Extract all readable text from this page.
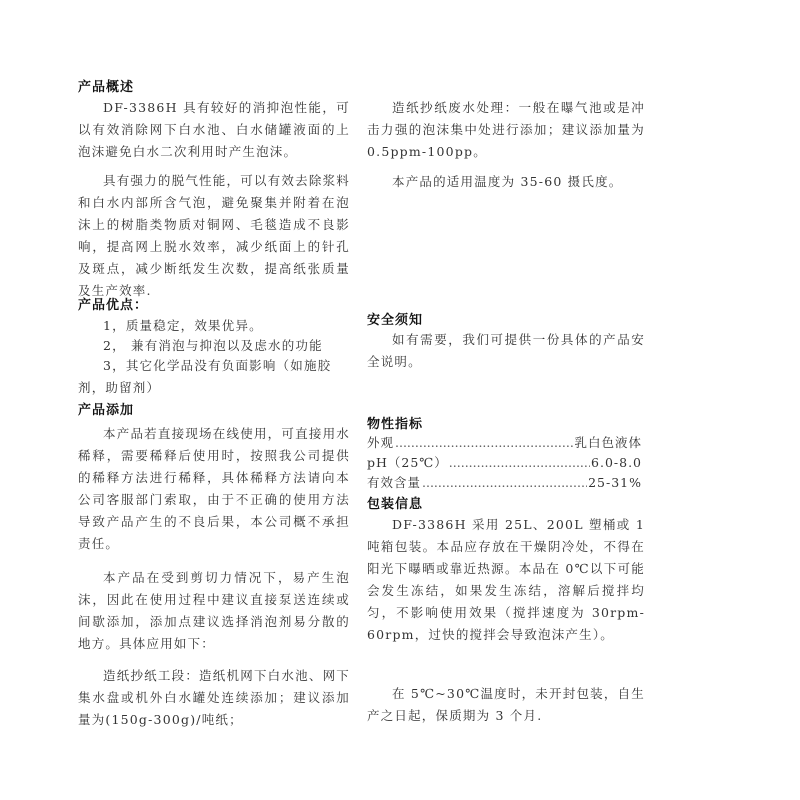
产品概述
DF-3386H 具有较好的消抑泡性能，可以有效消除网下白水池、白水储罐液面的上泡沫避免白水二次利用时产生泡沫。
具有强力的脱气性能，可以有效去除浆料和白水内部所含气泡，避免聚集并附着在泡沫上的树脂类物质对铜网、毛毯造成不良影响，提高网上脱水效率，减少纸面上的针孔及斑点，减少断纸发生次数，提高纸张质量及生产效率.
产品优点：
1，质量稳定，效果优异。
2， 兼有消泡与抑泡以及虑水的功能
3，其它化学品没有负面影响（如施胶剂，助留剂）
产品添加
本产品若直接现场在线使用，可直接用水稀释，需要稀释后使用时，按照我公司提供的稀释方法进行稀释，具体稀释方法请向本公司客服部门索取，由于不正确的使用方法导致产品产生的不良后果，本公司概不承担责任。
本产品在受到剪切力情况下，易产生泡沫，因此在使用过程中建议直接泵送连续或间歇添加，添加点建议选择消泡剂易分散的地方。具体应用如下：
造纸抄纸工段：造纸机网下白水池、网下集水盘或机外白水罐处连续添加；建议添加量为(150g-300g)/吨纸；
造纸抄纸废水处理：一般在曝气池或是冲击力强的泡沫集中处进行添加；建议添加量为 0.5ppm-100pp。
本产品的适用温度为 35-60 摄氏度。
安全须知
如有需要，我们可提供一份具体的产品安全说明。
物性指标
外观 .....	乳白色液体
pH（25℃） .....	6.0-8.0
有效含量 .....	25-31%
包装信息
DF-3386H 采用 25L、200L 塑桶或 1 吨箱包装。本品应存放在干燥阴冷处，不得在阳光下曝晒或靠近热源。本品在 0℃以下可能会发生冻结，如果发生冻结，溶解后搅拌均匀，不影响使用效果（搅拌速度为 30rpm-60rpm，过快的搅拌会导致泡沫产生）。
在 5℃~30℃温度时，未开封包装，自生产之日起，保质期为 3 个月.
